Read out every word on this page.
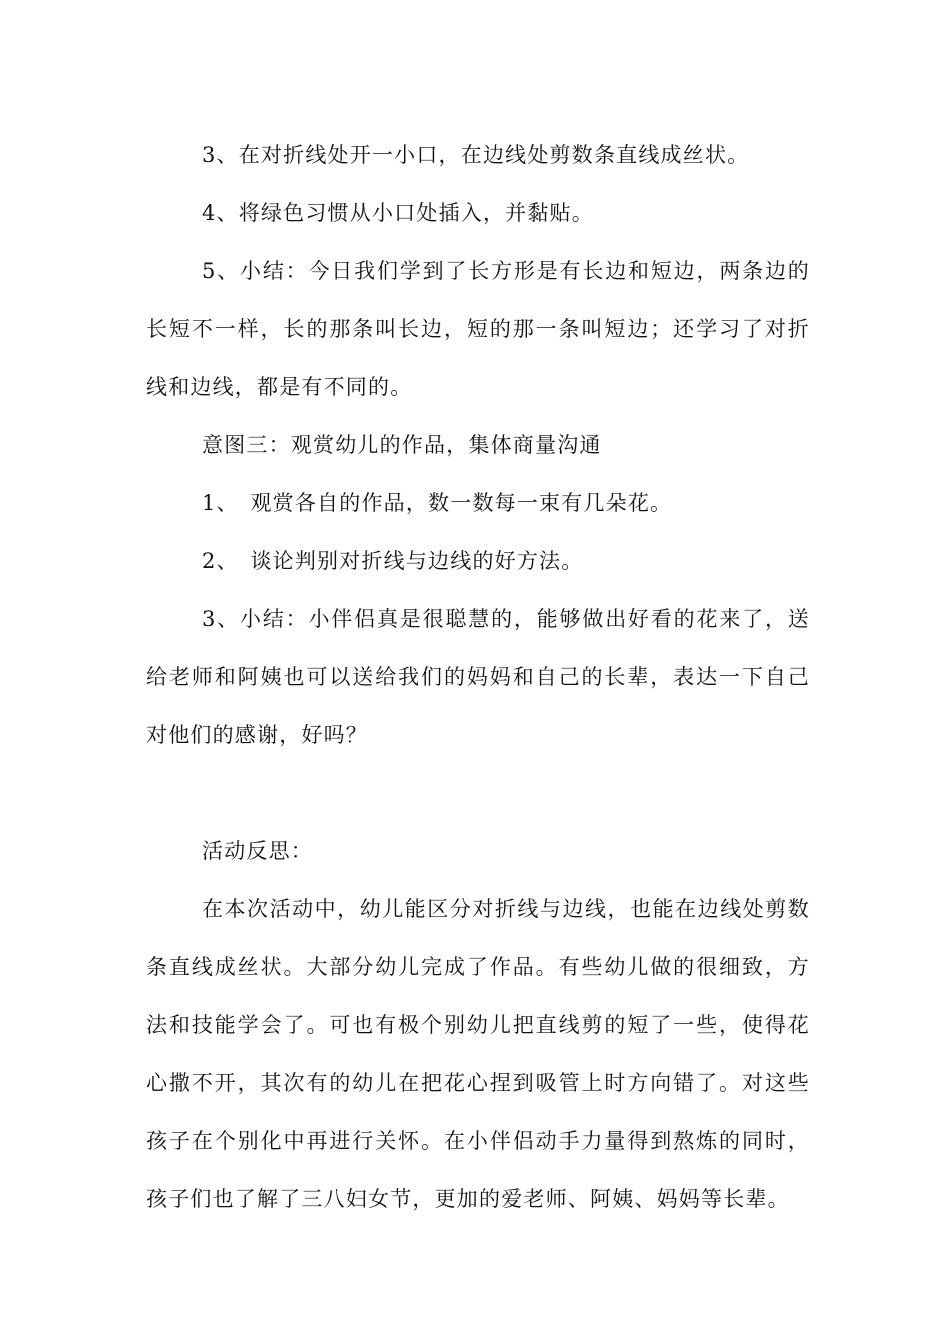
3、在对折线处开一小口，在边线处剪数条直线成丝状。

4、将绿色习惯从小口处插入，并黏贴。

5、小结：今日我们学到了长方形是有长边和短边，两条边的长短不一样，长的那条叫长边，短的那一条叫短边；还学习了对折线和边线，都是有不同的。

意图三：观赏幼儿的作品，集体商量沟通

1、　观赏各自的作品，数一数每一束有几朵花。

2、　谈论判别对折线与边线的好方法。

3、小结：小伴侣真是很聪慧的，能够做出好看的花来了，送给老师和阿姨也可以送给我们的妈妈和自己的长辈，表达一下自己对他们的感谢，好吗？

活动反思：

在本次活动中，幼儿能区分对折线与边线，也能在边线处剪数条直线成丝状。大部分幼儿完成了作品。有些幼儿做的很细致，方法和技能学会了。可也有极个别幼儿把直线剪的短了一些，使得花心撒不开，其次有的幼儿在把花心捏到吸管上时方向错了。对这些孩子在个别化中再进行关怀。在小伴侣动手力量得到熬炼的同时，孩子们也了解了三八妇女节，更加的爱老师、阿姨、妈妈等长辈。
